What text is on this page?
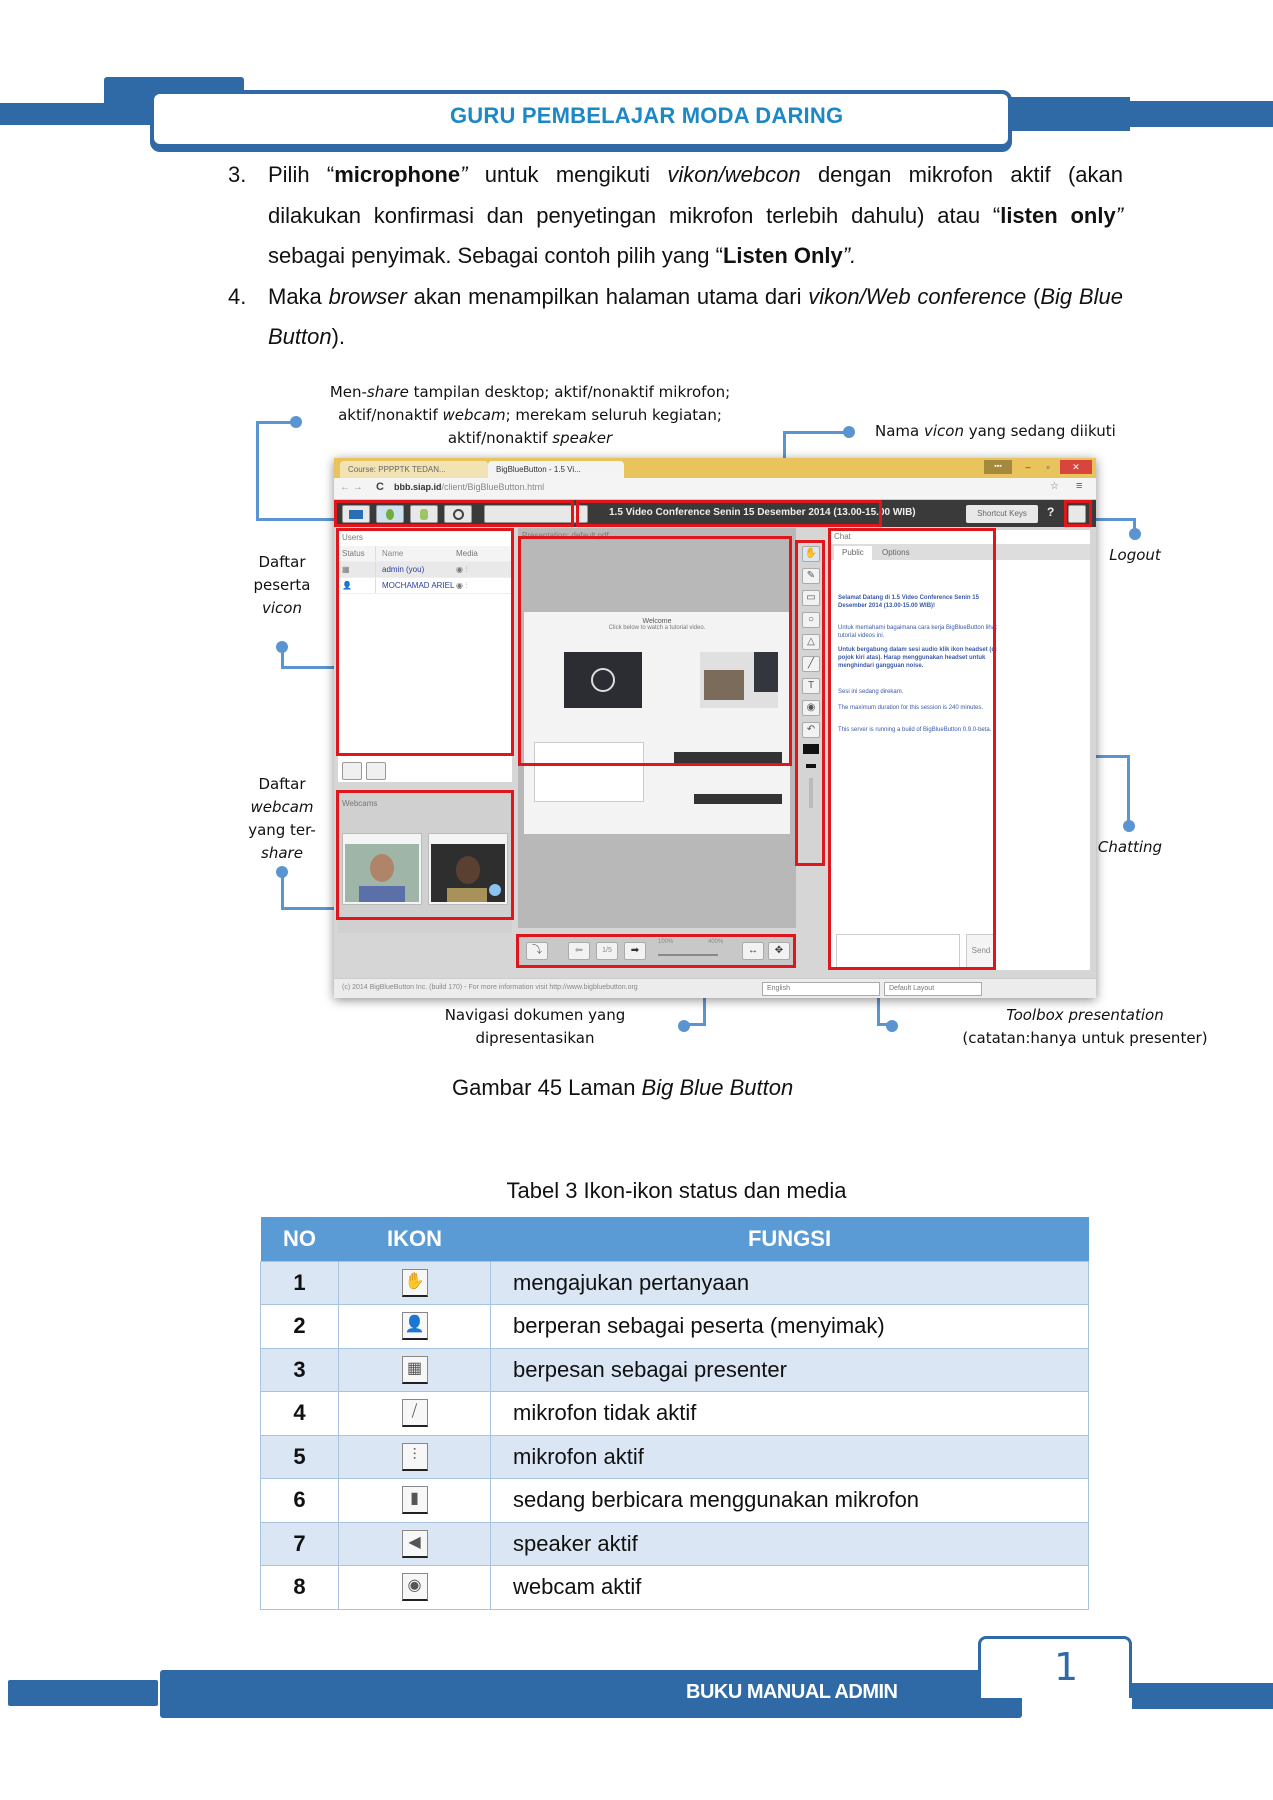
GURU PEMBELAJAR MODA DARING
3. Pilih “microphone” untuk mengikuti vikon/webcon dengan mikrofon aktif (akan dilakukan konfirmasi dan penyetingan mikrofon terlebih dahulu) atau “listen only” sebagai penyimak. Sebagai contoh pilih yang “Listen Only”.
4. Maka browser akan menampilkan halaman utama dari vikon/Web conference (Big Blue Button).
Men-share tampilan desktop; aktif/nonaktif mikrofon;
aktif/nonaktif webcam; merekam seluruh kegiatan;
aktif/nonaktif speaker	Nama vicon yang sedang diikuti
Daftar
peserta
vicon
Logout
Daftar
webcam
yang ter-
share	Chatting
Navigasi dokumen yang
dipresentasikan
Toolbox presentation
(catatan:hanya untuk presenter)
Course: PPPPTK TEDAN...	BigBlueButton - 1.5 Vi...	▪▪▪	–	▫	✕
← → C bbb.siap.id/client/BigBlueButton.html	☆ ≡
1.5 Video Conference Senin 15 Desember 2014 (13.00-15.00 WIB)	Shortcut Keys	?
Users
Status	Name	Media
▦	admin (you)	◉ ⫶
👤	MOCHAMAD ARIEL ◉ ⫶
Presentation: default.pdf
Welcome
Click below to watch a tutorial video.
✋
✎
▭
○
△
╱
T
◉
↶
Chat
Public	Options
Selamat Datang di 1.5 Video Conference Senin 15 Desember 2014 (13.00-15.00 WIB)!
Untuk memahami bagaimana cara kerja BigBlueButton lihat tutorial videos ini.
Untuk bergabung dalam sesi audio klik ikon headset (di pojok kiri atas). Harap menggunakan headset untuk menghindari gangguan noise.
Sesi ini sedang direkam.
The maximum duration for this session is 240 minutes.
This server is running a build of BigBlueButton 0.9.0-beta.
Send
Webcams
⤵	⬅	1/5	➡
100%	400%
↔	✥
(c) 2014 BigBlueButton Inc. (build 170) - For more information visit http://www.bigbluebutton.org	English	Default Layout
Gambar 45 Laman Big Blue Button
Tabel 3 Ikon-ikon status dan media
NO	IKON	FUNGSI
1	✋	mengajukan pertanyaan
2	👤	berperan sebagai peserta (menyimak)
3	▦	berpesan sebagai presenter
4	⧸	mikrofon tidak aktif
5	⫶	mikrofon aktif
6	▮	sedang berbicara menggunakan mikrofon
7	◀	speaker aktif
8	◉	webcam aktif
BUKU MANUAL ADMIN
1
